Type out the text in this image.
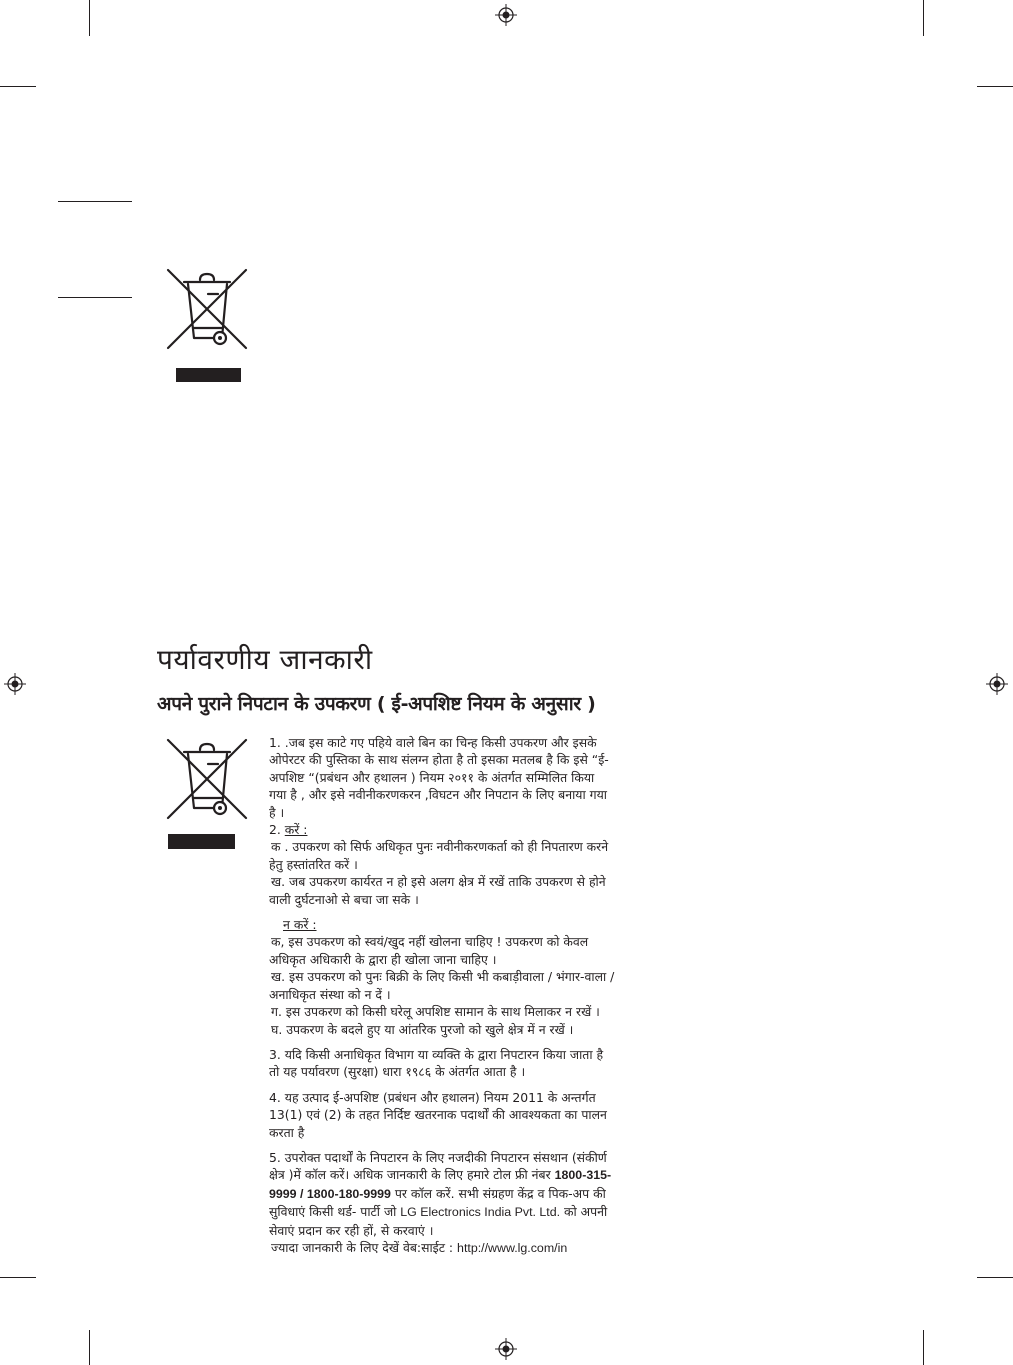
पर्यावरणीय जानकारी
अपने पुराने निपटान के उपकरण ( ई-अपशिष्ट नियम के अनुसार )

1. .जब इस काटे गए पहिये वाले बिन का चिन्ह किसी उपकरण और इसके

ओपेरटर की पुस्तिका के साथ संलग्न होता है तो इसका मतलब है कि इसे “ई-

अपशिष्ट “(प्रबंधन और हथालन ) नियम २०११ के अंतर्गत सम्मिलित किया

गया है , और इसे नवीनीकरणकरन ,विघटन और निपटान के लिए बनाया गया

है ।

2. करें :

क . उपकरण को सिर्फ अधिकृत पुनः नवीनीकरणकर्ता को ही निपतारण करने

हेतु हस्तांतरित करें ।

ख. जब उपकरण कार्यरत न हो इसे अलग क्षेत्र में रखें ताकि उपकरण से होने

वाली दुर्घटनाओ से बचा जा सके ।

न करें :

क, इस उपकरण को स्वयं/खुद नहीं खोलना चाहिए ! उपकरण को केवल

अधिकृत अधिकारी के द्वारा ही खोला जाना चाहिए ।

ख. इस उपकरण को पुनः बिक्री के लिए किसी भी कबाड़ीवाला / भंगार-वाला /

अनाधिकृत संस्था को न दें ।

ग. इस उपकरण को किसी घरेलू अपशिष्ट सामान के साथ मिलाकर न रखें ।

घ. उपकरण के बदले हुए या आंतरिक पुरजो को खुले क्षेत्र में न रखें ।

3. यदि किसी अनाधिकृत विभाग या व्यक्ति के द्वारा निपटारन किया जाता है

तो यह पर्यावरण (सुरक्षा) धारा १९८६ के अंतर्गत आता है ।

4. यह उत्पाद ई-अपशिष्ट (प्रबंधन और हथालन) नियम 2011 के अन्तर्गत

13(1) एवं (2) के तहत निर्दिष्ट खतरनाक पदार्थों की आवश्यकता का पालन

करता है

5. उपरोक्त पदार्थों के निपटारन के लिए नजदीकी निपटारन संसथान (संकीर्ण

क्षेत्र )में कॉल करें। अधिक जानकारी के लिए हमारे टोल फ्री नंबर 1800-315-

9999 / 1800-180-9999 पर कॉल करें. सभी संग्रहण केंद्र व पिक-अप की

सुविधाएं किसी थर्ड- पार्टी जो LG Electronics India Pvt. Ltd. को अपनी

सेवाएं प्रदान कर रही हों, से करवाएं ।

ज्यादा जानकारी के लिए देखें वेब:साईट : http://www.lg.com/in
